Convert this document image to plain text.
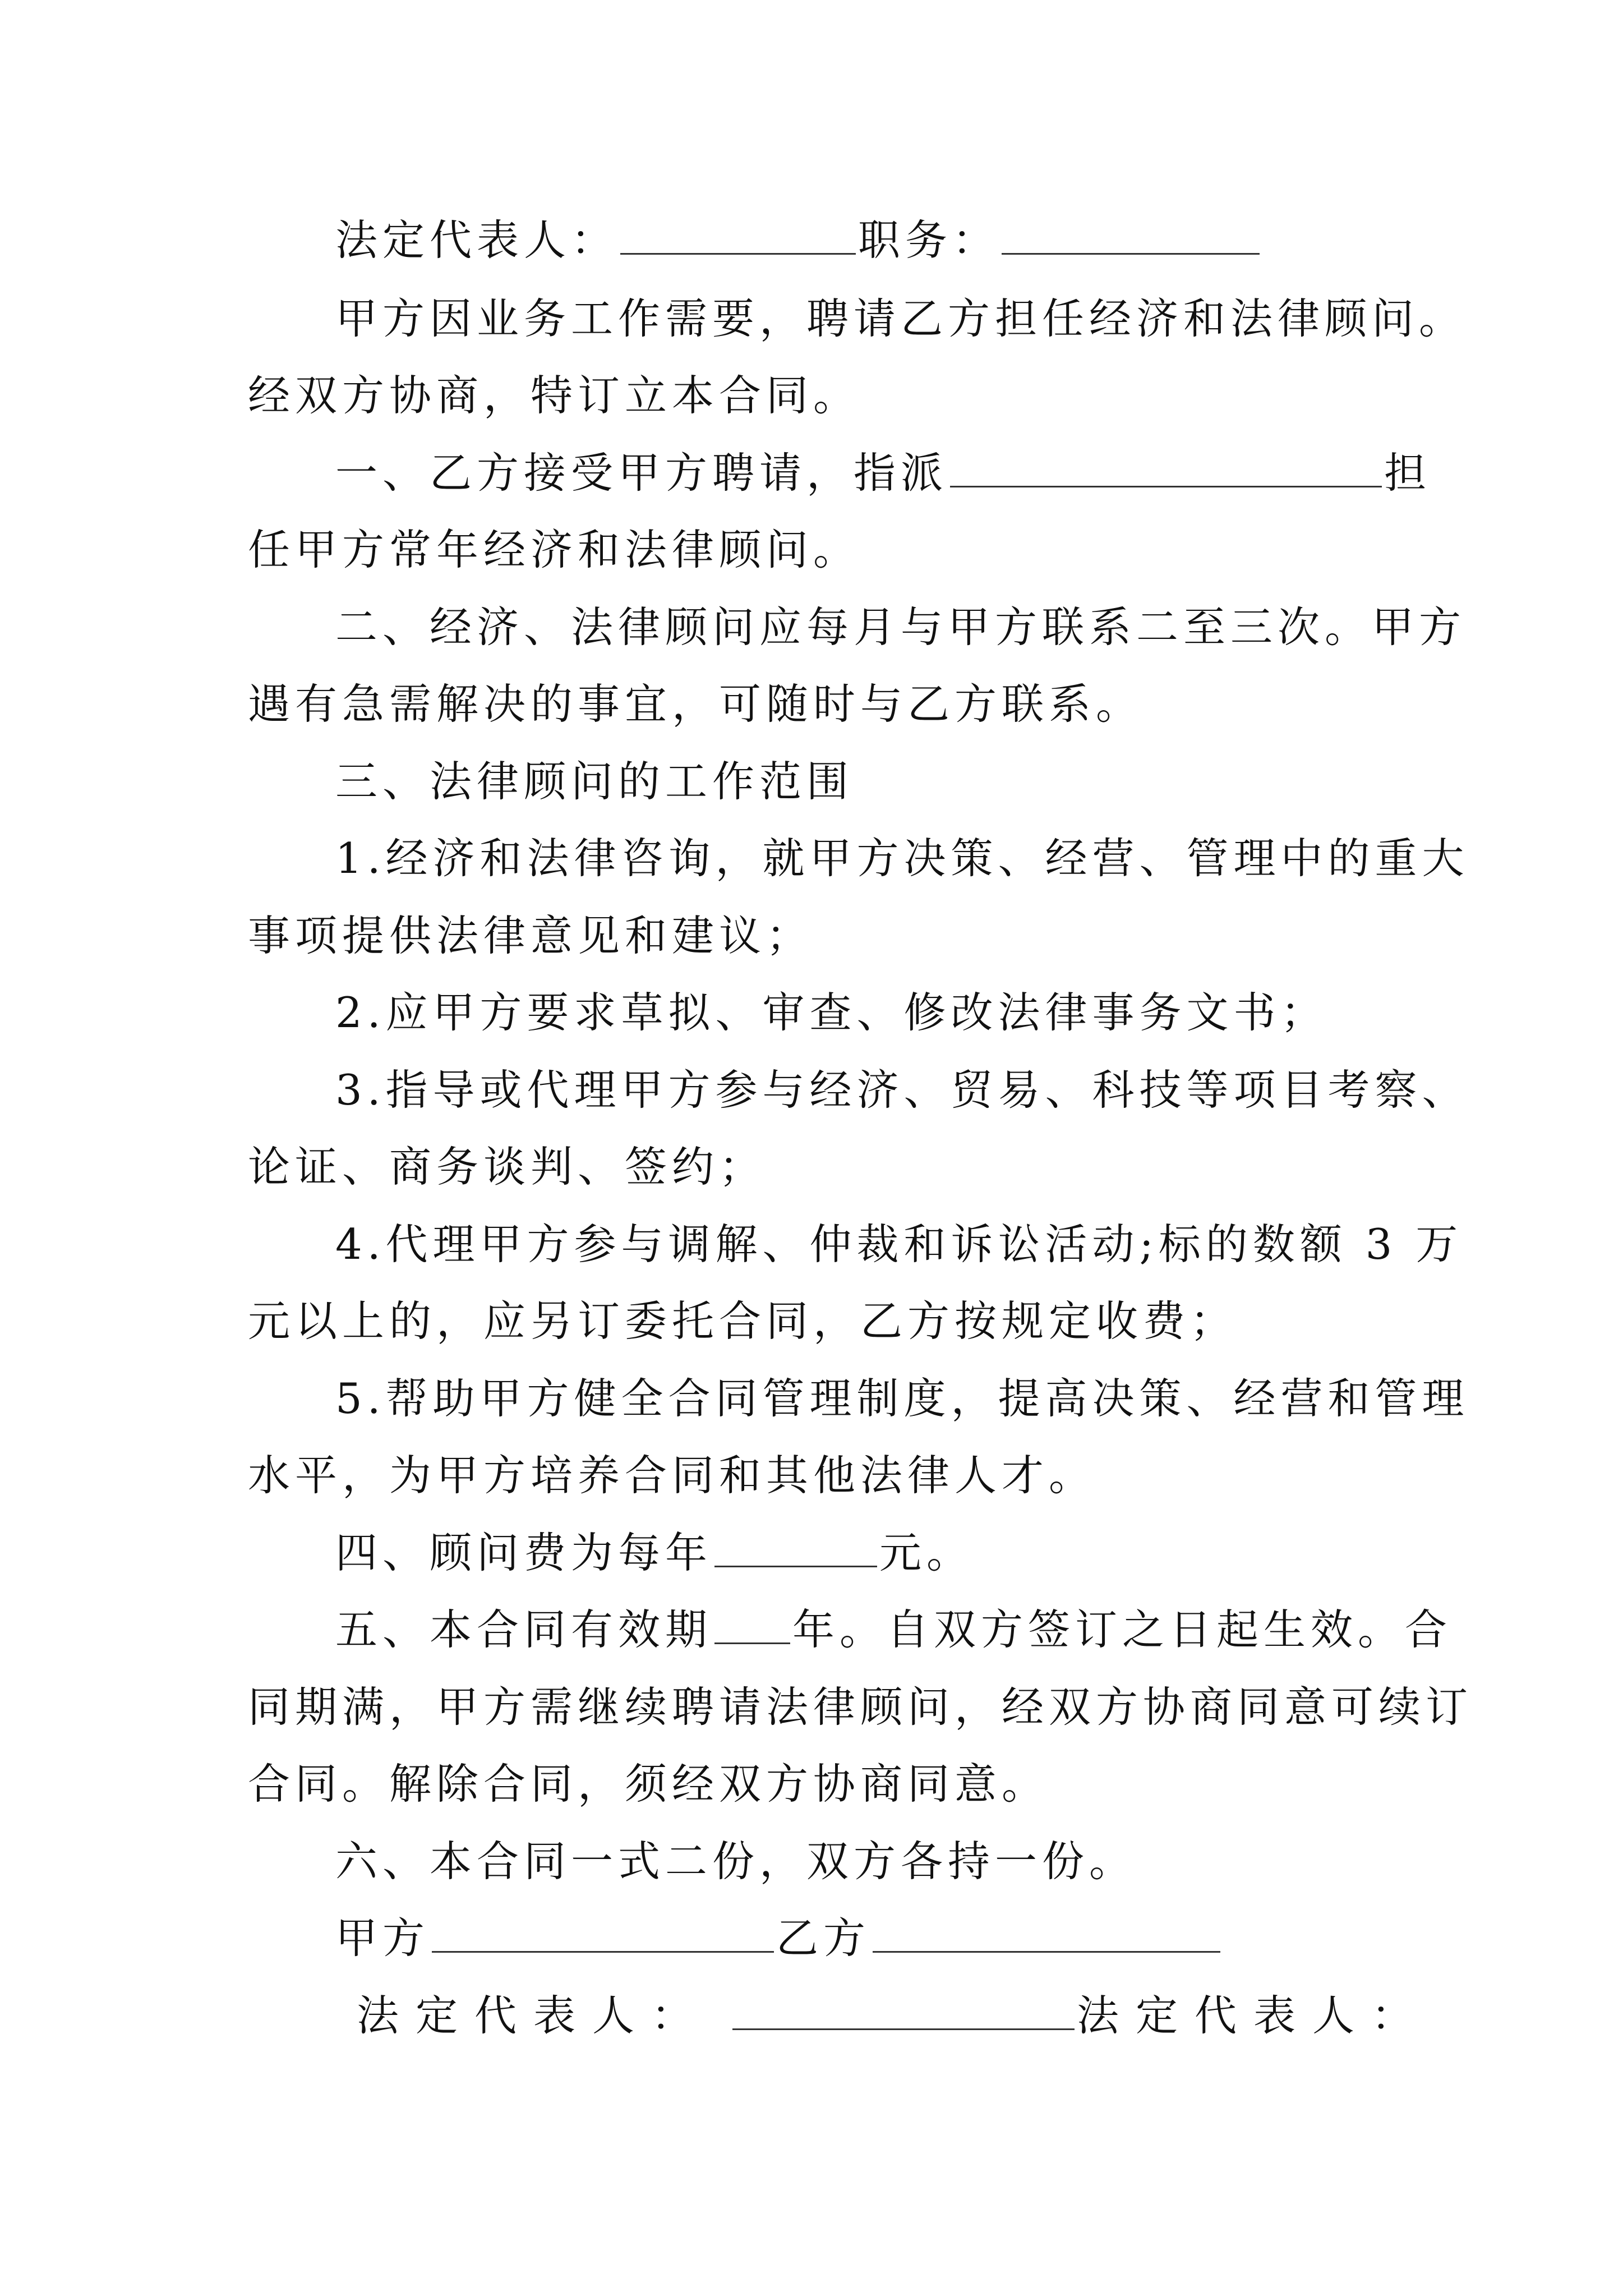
法定代表人：	职务：
甲方因业务工作需要，聘请乙方担任经济和法律顾问。
经双方协商，特订立本合同。
一、乙方接受甲方聘请，指派	担
任甲方常年经济和法律顾问。
二、经济、法律顾问应每月与甲方联系二至三次。甲方
遇有急需解决的事宜，可随时与乙方联系。
三、法律顾问的工作范围
1.经济和法律咨询，就甲方决策、经营、管理中的重大
事项提供法律意见和建议；
2.应甲方要求草拟、审查、修改法律事务文书；
3.指导或代理甲方参与经济、贸易、科技等项目考察、
论证、商务谈判、签约；
4.代理甲方参与调解、仲裁和诉讼活动;标的数额 3 万
元以上的，应另订委托合同，乙方按规定收费；
5.帮助甲方健全合同管理制度，提高决策、经营和管理
水平，为甲方培养合同和其他法律人才。
四、顾问费为每年	元。
五、本合同有效期 年。自双方签订之日起生效。合
同期满，甲方需继续聘请法律顾问，经双方协商同意可续订
合同。解除合同，须经双方协商同意。
六、本合同一式二份，双方各持一份。
甲方	乙方
法定代表人：	法定代表人：
